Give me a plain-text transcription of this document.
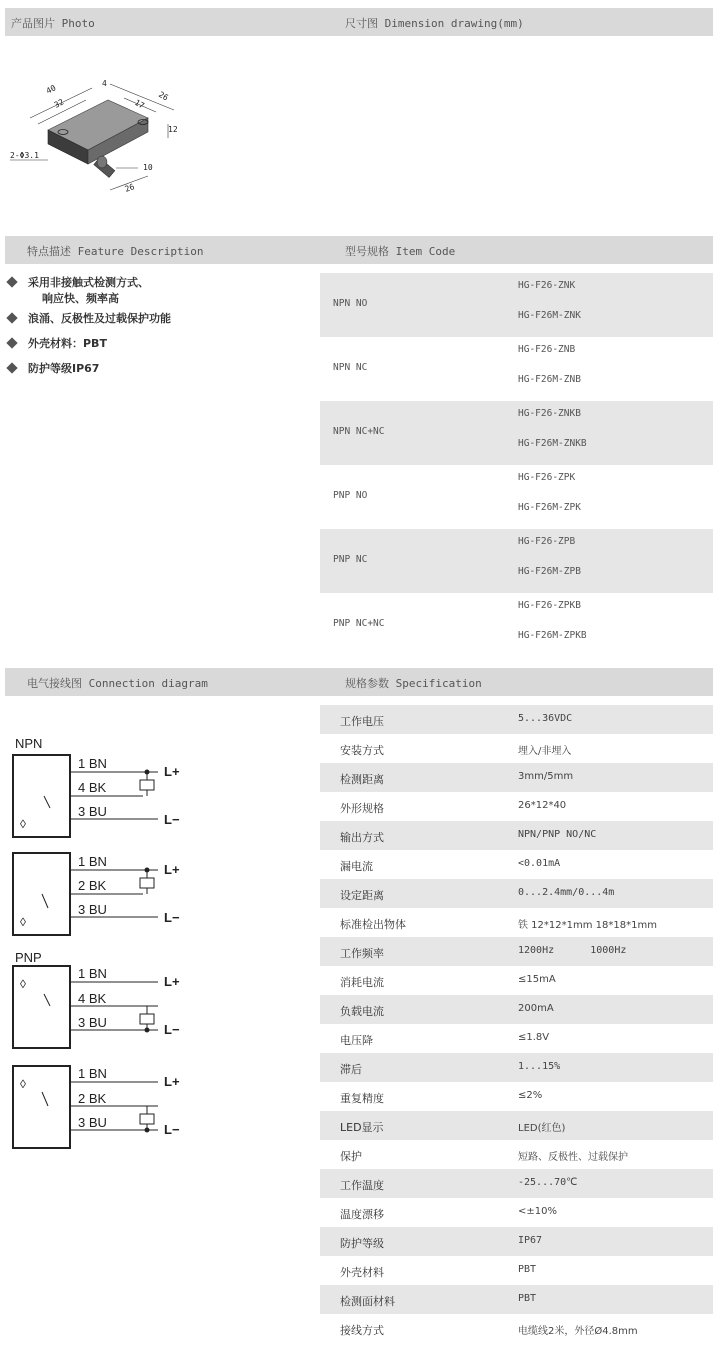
产品图片 Photo	尺寸图 Dimension drawing(mm)
特点描述 Feature Description	型号规格 Item Code
电气接线图 Connection diagram	规格参数 Specification
40	4
26
32	17
12
2-Φ3.1
10
26
采用非接触式检测方式、
响应快、频率高
浪涌、反极性及过载保护功能
外壳材料：PBT
防护等级IP67
NPN NO
HG-F26-ZNK
HG-F26M-ZNK
NPN NC
HG-F26-ZNB
HG-F26M-ZNB
NPN NC+NC
HG-F26-ZNKB
HG-F26M-ZNKB
PNP NO
HG-F26-ZPK
HG-F26M-ZPK
PNP NC
HG-F26-ZPB
HG-F26M-ZPB
PNP NC+NC
HG-F26-ZPKB
HG-F26M-ZPKB
NPN
1 BN
4 BK
3 BU
L+
L−
◊
1 BN
2 BK
3 BU
L+
L−
◊
PNP
1 BN
4 BK
3 BU
L+
L−
◊
1 BN
2 BK
3 BU
L+
L−
◊
工作电压	5...36VDC
安装方式	埋入/非埋入
检测距离	3mm/5mm
外形规格	26*12*40
输出方式	NPN/PNP NO/NC
漏电流	<0.01mA
设定距离	0...2.4mm/0...4m
标准检出物体	铁 12*12*1mm 18*18*1mm
工作频率	1200Hz      1000Hz
消耗电流	≤15mA
负载电流	200mA
电压降	≤1.8V
滞后	1...15%
重复精度	≤2%
LED显示	LED(红色)
保护	短路、反极性、过载保护
工作温度	-25...70℃
温度漂移	<±10%
防护等级	IP67
外壳材料	PBT
检测面材料	PBT
接线方式	电缆线2米，外径Ø4.8mm
